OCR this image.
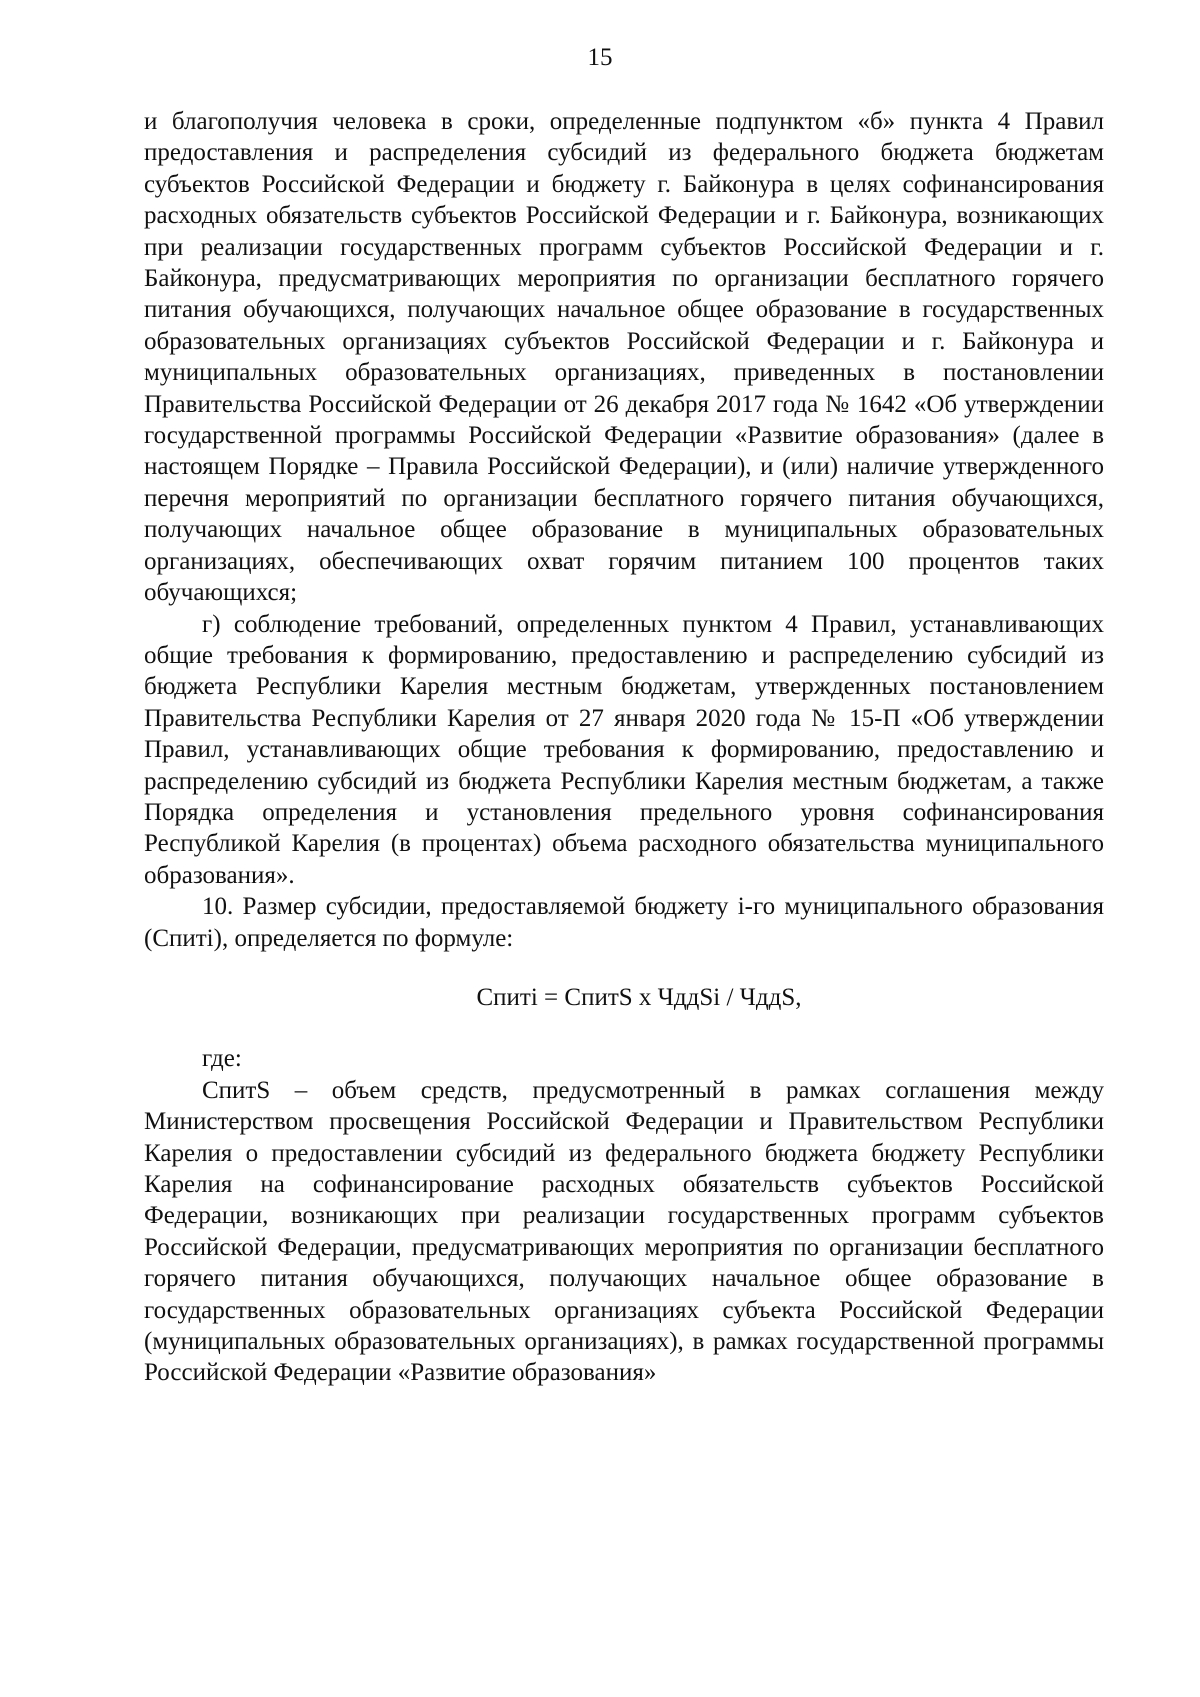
15

и благополучия человека в сроки, определенные подпунктом «б» пункта 4 Правил предоставления и распределения субсидий из федерального бюджета бюджетам субъектов Российской Федерации и бюджету г. Байконура в целях софинансирования расходных обязательств субъектов Российской Федерации и г. Байконура, возникающих при реализации государственных программ субъектов Российской Федерации и г. Байконура, предусматривающих мероприятия по организации бесплатного горячего питания обучающихся, получающих начальное общее образование в государственных образовательных организациях субъектов Российской Федерации и г. Байконура и муниципальных образовательных организациях, приведенных в постановлении Правительства Российской Федерации от 26 декабря 2017 года № 1642 «Об утверждении государственной программы Российской Федерации «Развитие образования» (далее в настоящем Порядке – Правила Российской Федерации), и (или) наличие утвержденного перечня мероприятий по организации бесплатного горячего питания обучающихся, получающих начальное общее образование в муниципальных образовательных организациях, обеспечивающих охват горячим питанием 100 процентов таких обучающихся;

г) соблюдение требований, определенных пунктом 4 Правил, устанавливающих общие требования к формированию, предоставлению и распределению субсидий из бюджета Республики Карелия местным бюджетам, утвержденных постановлением Правительства Республики Карелия от 27 января 2020 года № 15-П «Об утверждении Правил, устанавливающих общие требования к формированию, предоставлению и распределению субсидий из бюджета Республики Карелия местным бюджетам, а также Порядка определения и установления предельного уровня софинансирования Республикой Карелия (в процентах) объема расходного обязательства муниципального образования».

10. Размер субсидии, предоставляемой бюджету i-го муниципального образования (Спитi), определяется по формуле:

Спитi = СпитS х ЧддSi / ЧддS,

где:

СпитS – объем средств, предусмотренный в рамках соглашения между Министерством просвещения Российской Федерации и Правительством Республики Карелия о предоставлении субсидий из федерального бюджета бюджету Республики Карелия на софинансирование расходных обязательств субъектов Российской Федерации, возникающих при реализации государственных программ субъектов Российской Федерации, предусматривающих мероприятия по организации бесплатного горячего питания обучающихся, получающих начальное общее образование в государственных образовательных организациях субъекта Российской Федерации (муниципальных образовательных организациях), в рамках государственной программы Российской Федерации «Развитие образования»
